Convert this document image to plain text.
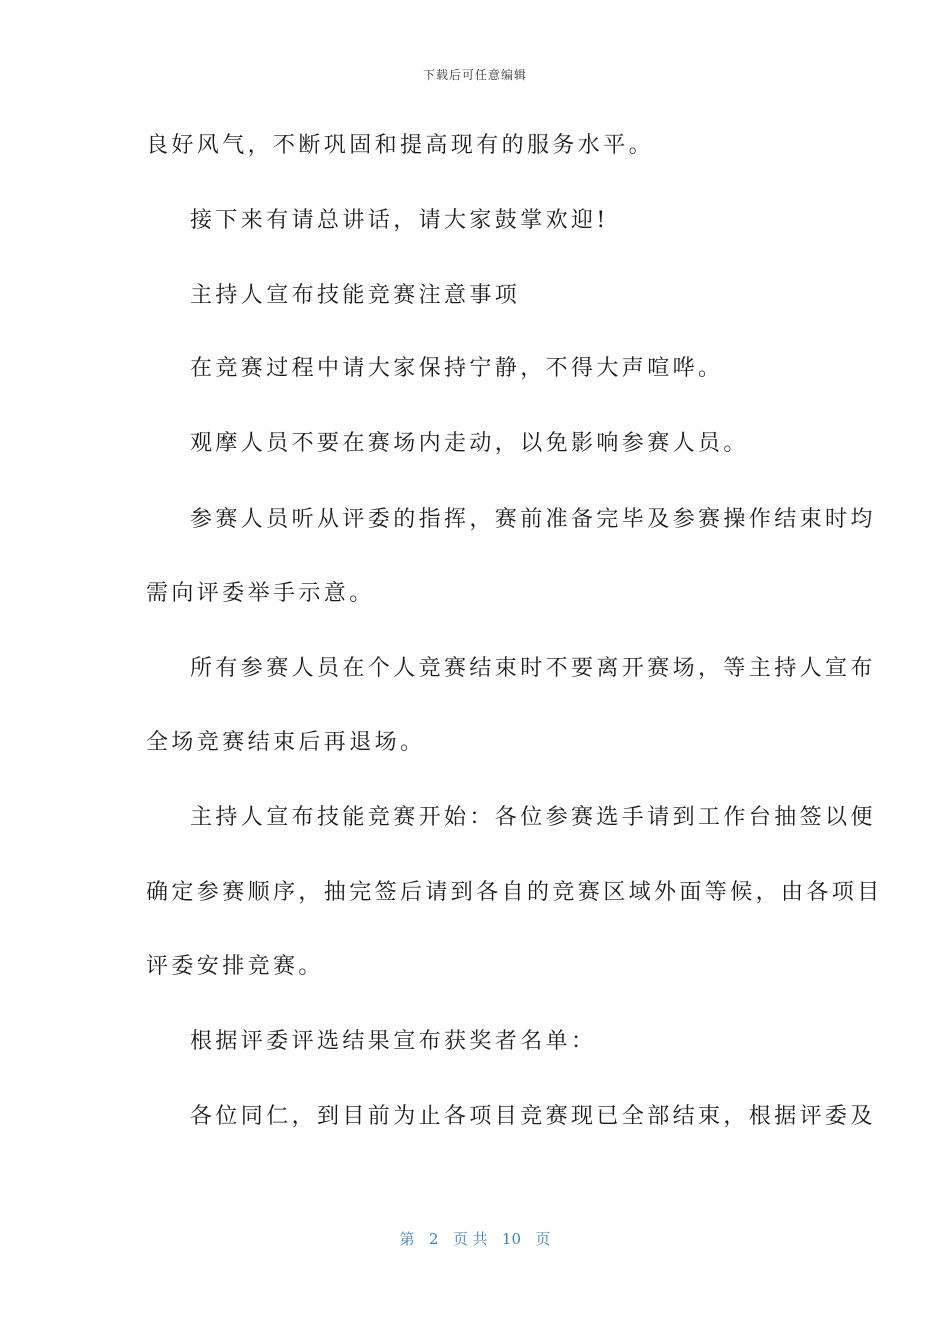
下载后可任意编辑
良好风气，不断巩固和提高现有的服务水平。
接下来有请总讲话，请大家鼓掌欢迎!
主持人宣布技能竞赛注意事项
在竞赛过程中请大家保持宁静，不得大声喧哗。
观摩人员不要在赛场内走动，以免影响参赛人员。
参赛人员听从评委的指挥，赛前准备完毕及参赛操作结束时均
需向评委举手示意。
所有参赛人员在个人竞赛结束时不要离开赛场，等主持人宣布
全场竞赛结束后再退场。
主持人宣布技能竞赛开始：各位参赛选手请到工作台抽签以便
确定参赛顺序，抽完签后请到各自的竞赛区域外面等候，由各项目
评委安排竞赛。
根据评委评选结果宣布获奖者名单：
各位同仁，到目前为止各项目竞赛现已全部结束，根据评委及
第 2 页 共 10 页
